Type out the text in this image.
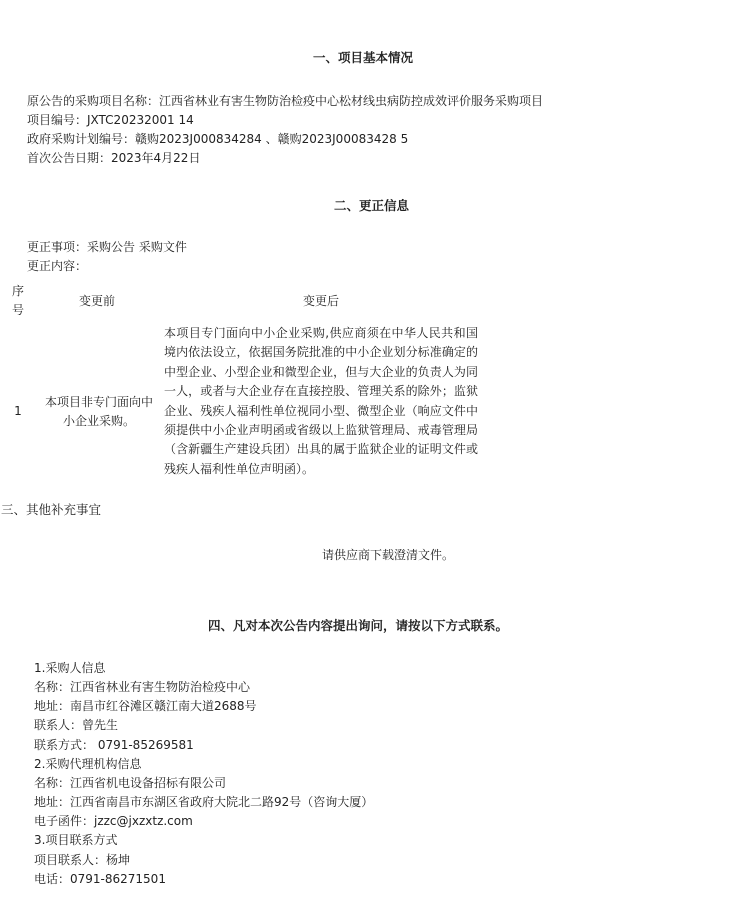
一、项目基本情况
原公告的采购项目名称：江西省林业有害生物防治检疫中心松材线虫病防控成效评价服务采购项目
项目编号：JXTC20232001 14
政府采购计划编号：赣购2023J000834284 、赣购2023J00083428 5
首次公告日期：2023年4月22日
二、更正信息
更正事项：采购公告 采购文件
更正内容：
序号
变更前	变更后
1
本项目非专门面向中小企业采购。
本项目专门面向中小企业采购,供应商须在中华人民共和国境内依法设立，依据国务院批准的中小企业划分标准确定的中型企业、小型企业和微型企业，但与大企业的负责人为同一人，或者与大企业存在直接控股、管理关系的除外；监狱企业、残疾人福利性单位视同小型、微型企业（响应文件中须提供中小企业声明函或省级以上监狱管理局、戒毒管理局（含新疆生产建设兵团）出具的属于监狱企业的证明文件或残疾人福利性单位声明函）。
三、其他补充事宜
请供应商下载澄清文件。
四、凡对本次公告内容提出询问，请按以下方式联系。
1.采购人信息
名称：江西省林业有害生物防治检疫中心
地址：南昌市红谷滩区赣江南大道2688号
联系人：曾先生
联系方式： 0791-85269581
2.采购代理机构信息
名称：江西省机电设备招标有限公司
地址：江西省南昌市东湖区省政府大院北二路92号（咨询大厦）
电子函件：jzzc@jxzxtz.com
3.项目联系方式
项目联系人：杨坤
电话：0791-86271501
